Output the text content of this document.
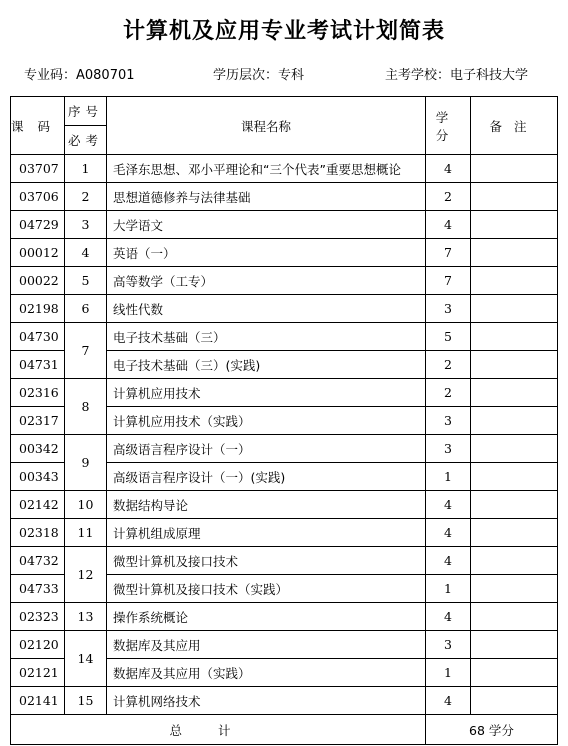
计算机及应用专业考试计划简表
专业码：A080701	学历层次：专科	主考学校：电子科技大学
课码	序号	课程名称	学分	备注
	必考			
03707	1	毛泽东思想、邓小平理论和“三个代表”重要思想概论	4	
03706	2	思想道德修养与法律基础	2	
04729	3	大学语文	4	
00012	4	英语（一）	7	
00022	5	高等数学（工专）	7	
02198	6	线性代数	3	
04730	7	电子技术基础（三）	5	
04731		电子技术基础（三）(实践)	2	
02316	8	计算机应用技术	2	
02317		计算机应用技术（实践）	3	
00342	9	高级语言程序设计（一）	3	
00343		高级语言程序设计（一）(实践)	1	
02142	10	数据结构导论	4	
02318	11	计算机组成原理	4	
04732	12	微型计算机及接口技术	4	
04733		微型计算机及接口技术（实践）	1	
02323	13	操作系统概论	4	
02120	14	数据库及其应用	3	
02121		数据库及其应用（实践）	1	
02141	15	计算机网络技术	4	
总计			68 学分	
